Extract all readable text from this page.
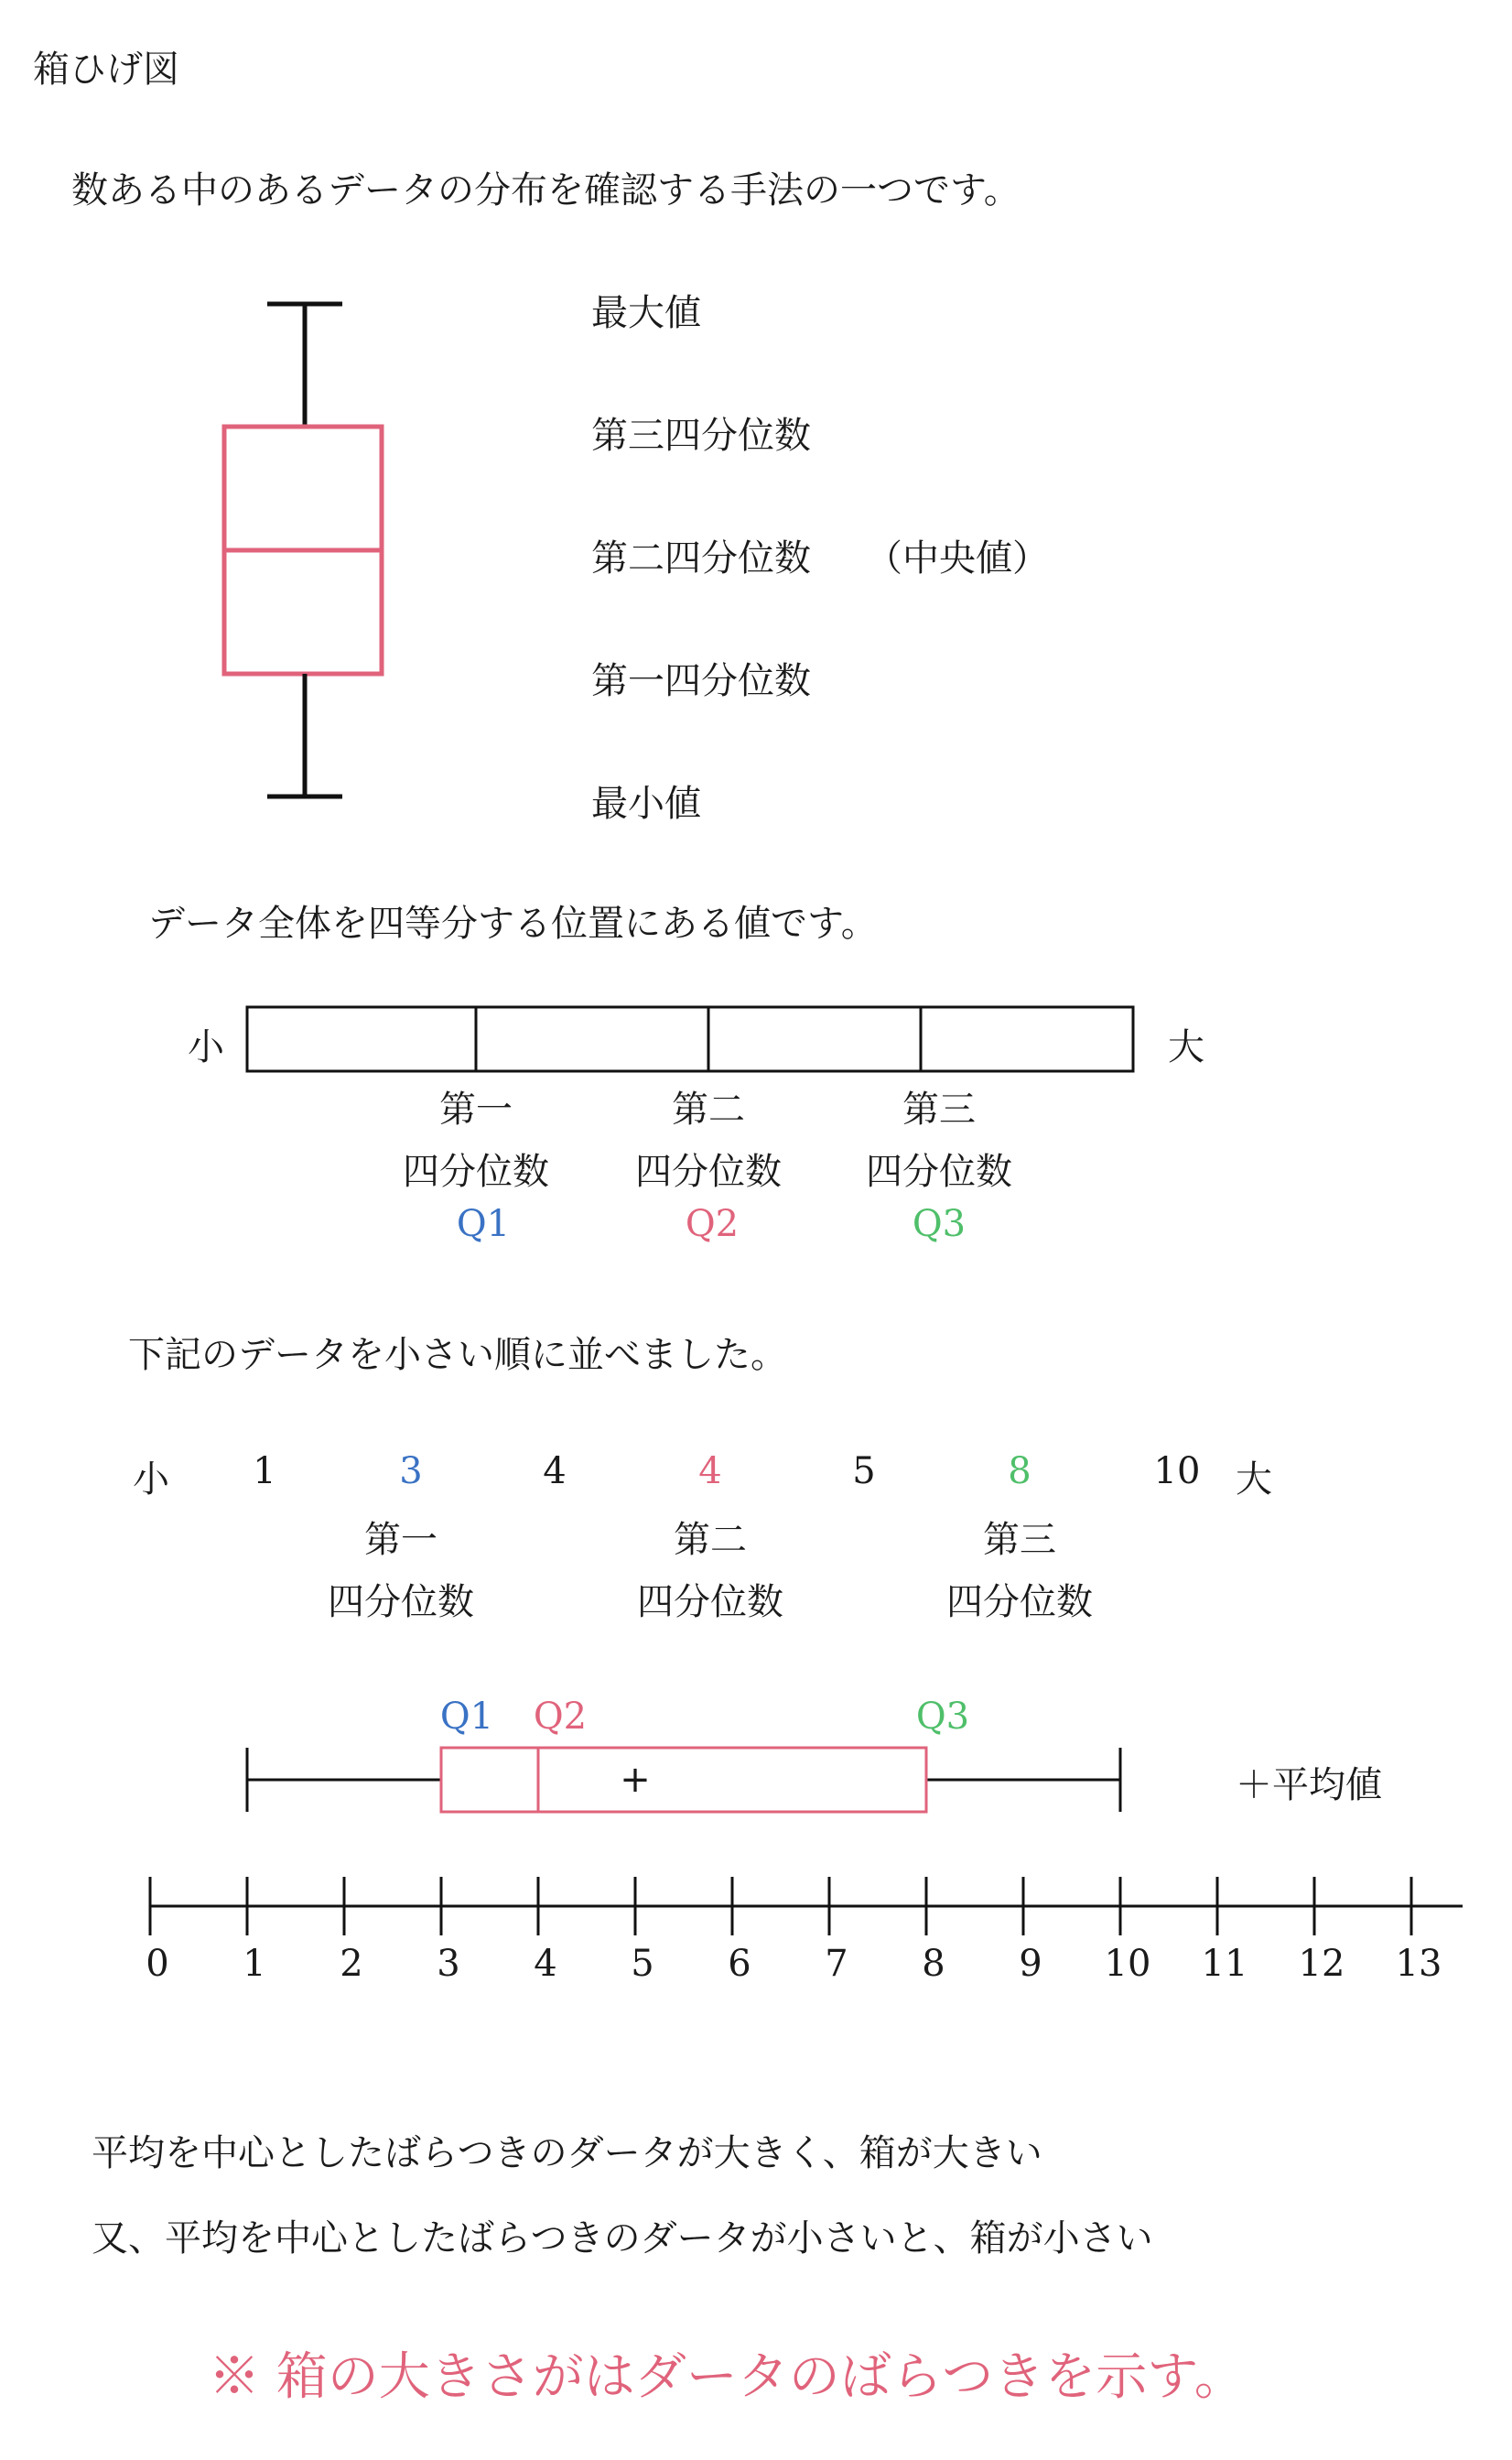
箱ひげ図
数ある中のあるデータの分布を確認する手法の一つです。
+
最大値
第三四分位数
第二四分位数 （中央値）
第一四分位数
最小値
データ全体を四等分する位置にある値です。
小	大
第一
四分位数
Q1
第二
四分位数
Q2
第三
四分位数
Q3
下記のデータを小さい順に並べました。
小 1	3	4	4	5	8	10 大
第一
四分位数
第二
四分位数
第三
四分位数
Q1 Q2	Q3
＋平均値
0 1 2 3 4 5 6 7 8 9 10 11 12 13
平均を中心としたばらつきのダータが大きく、箱が大きい
又、平均を中心としたばらつきのダータが小さいと、箱が小さい
※ 箱の大きさがはダータのばらつきを示す。
